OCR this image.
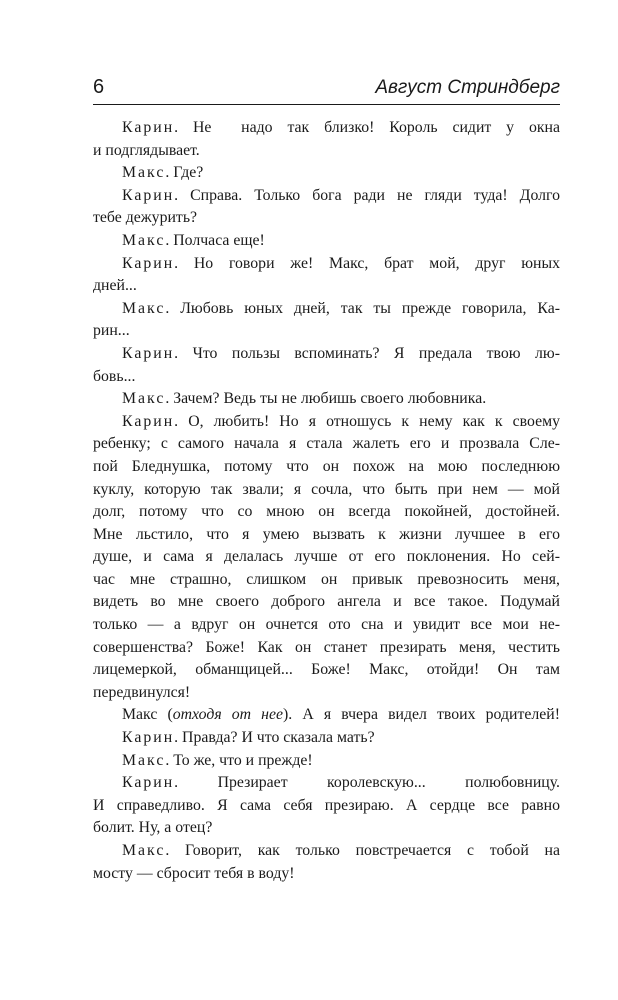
6	Август Стриндберг
Карин. Не  надо так близко! Король сидит у окна
и подглядывает.
Макс. Где?
Карин. Справа. Только бога ради не гляди туда! Долго
тебе дежурить?
Макс. Полчаса еще!
Карин. Но говори же! Макс, брат мой, друг юных
дней...
Макс. Любовь юных дней, так ты прежде говорила, Ка-
рин...
Карин. Что пользы вспоминать? Я предала твою лю-
бовь...
Макс. Зачем? Ведь ты не любишь своего любовника.
Карин. О, любить! Но я отношусь к нему как к своему
ребенку; с самого начала я стала жалеть его и прозвала Сле-
пой Бледнушка, потому что он похож на мою последнюю
куклу, которую так звали; я сочла, что быть при нем — мой
долг, потому что со мною он всегда покойней, достойней.
Мне льстило, что я умею вызвать к жизни лучшее в его
душе, и сама я делалась лучше от его поклонения. Но сей-
час мне страшно, слишком он привык превозносить меня,
видеть во мне своего доброго ангела и все такое. Подумай
только — а вдруг он очнется ото сна и увидит все мои не-
совершенства? Боже! Как он станет презирать меня, честить
лицемеркой, обманщицей... Боже! Макс, отойди! Он там
передвинулся!
Макс (отходя от нее). А я вчера видел твоих родителей!
Карин. Правда? И что сказала мать?
Макс. То же, что и прежде!
Карин. Презирает королевскую... полюбовницу.
И справедливо. Я сама себя презираю. А сердце все равно
болит. Ну, а отец?
Макс. Говорит, как только повстречается с тобой на
мосту — сбросит тебя в воду!
